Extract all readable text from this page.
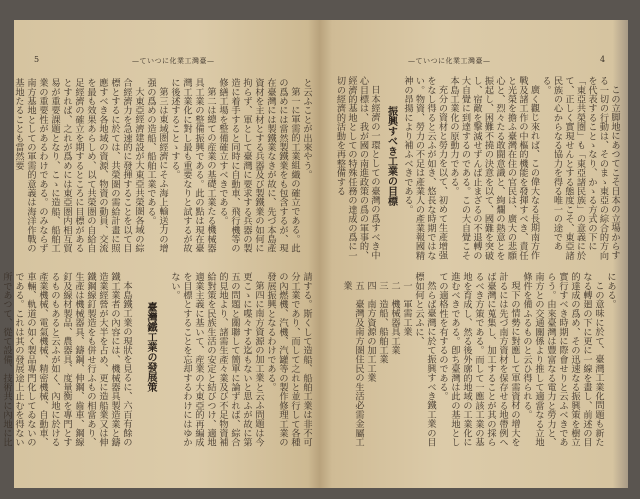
5	—ていつに化業工灣臺—

と云ふことが出來やう。

第一に軍需的工業組織の確立である。此の爲めには當然製鐵業をも包含するが、現在臺灣には製鐵業なきが故に、先づ本島產資材を主材とする兵器及び製鐵業の如何に拘らず、軍として臺灣に要求する兵器の製造に着手すると同時に自動車、飛行機等の修繕工場を整備確立すべきである。

第二は總ての産業の基礎工業たる機械器具工業の整備振興である。此の點は現在臺灣工業化に對し最も重要なりと試するが故に後述することゝする。

第三は東域圏經濟にそふ海上輸送力の增强の爲めの造船、船舶工業である。

大東亞經濟建設が大東亞共榮圏各域の綜合經濟力を急速的に發揮することを以て目標とするに於ては、共榮圏の需給計畫に照應すべき各地域の資源、物資の動員、交流を最も效果あらしめ、以て共榮圏の自給自足經濟の確立を期するところに目標があるとすれば、之れが爲めには東亞圏内相互貿易が重要課題となり、こゝに造船、船舶工業の重要性があるわけである。のみならず南方基地としての軍需的意義は海洋作戰の基地たることも當然要

請する。斯くして造船、船舶工業は非不可分工業であり、而して之れと並行して各種の內燃機、汽機、汽罐等の製作修理工業の發展振興となるわけである。

第四に南方資源の加工業と云ふ問題は今更こゝに喋々する迄もないと思ふが故に第五の問題と關聯して簡單に論ずれば、綜合的見地より、諸需生產々業及び不足物資補給對策を民族生活の安定と結びつけ、適地適業主義に基いて、産業の大東亞的再編成を目標とすることを忘却するわけにはゆかない。

臺灣鐵工業の發展策

本島鐵工業の現狀を見るに、六百有餘の鐵工業者の內容には、機械器具製造業と鑄造業經營が大半を占め、更に造船業又は伸鐵鋼線釘製造をも併せ行ふもの相當あり、生產は機械器具、鑄鋼、伸鋼、齒車、鋼線釘及線材製品、農器具、度量衡を專門とするものもあると云ふが如く、內地に於ける產業機械、電氣機械、精密機械、自動車、車輛、軌道の如く製品專門化してゐないのである。これは其の發展途上止むを得ない所であつて、從て設備、技術共に內地に比

—ていつに化業工灣臺—	4

この立脚地にあつてこそ日本の立場からする一切の行動は、そのまゝ東亞の綜合的方向を代表することゝなり、かゝる方式の下に「東亞共榮圏」も「東亞諸民族」の意義に於て、正しく實現せんとする態度こそ、東亞諸民族の心からなる協力を得る唯一の途である。

廣く觀じ來れば、この偉大なる長期南方作戰及諸工作の中樞的機能を發揮すべき、責任と光榮を擔ふ臺灣在住の官民は、廣大の悲願心と、烈々たる敢闘意識と、絢爛の熱意とを振起し、困難不撓の決意を以て、國難を突破し、宿敵を撃滅せずんば止まざるの不退轉の大自覺に到達するのである。この大自覺こそ本島工業化の原動力である。

充分の資材と勞力を以て、初めて生產增强をなし得ると云ふが如き、悠長な時期ではない。物資、勞力の不足は產業人の產業報國精神の昂揚により補ふべきである。

振興すべき工業の目標

日本經濟の一環としての臺灣の爲すべき中心目標は、我が國の南進政策の爲の軍事的、經濟的基地としての特殊任務の達成の爲に一切の經濟的活動を再整備する

にある。

この意味に於て、臺灣工業化問題も新たなる轉廻の下に更に一線を畫し、前述の目的達成の爲め、その迅速なる振興策を樹立實行すべき時期に際會せりと云ふべきであらう。由來臺灣は豐富なる電力と勞力と、南方との交通關係より推して適當なる立地條件を備ふるものと云ひ得られる。

現下の情勢に對應して軍需資材の增大を計るには先づ南方資材を保存せる地帶例へば臺灣に蒐集し、加工することが其の採らるべき方策である。而して一應該工業の基地を育成し、然る後外廓的地域の工業化に進むべきである。卽ち臺灣は此の基地としての適格性を有するのである。

然らば臺灣に於て振興すべき鐵工業の目標如何と云ふに、

一　軍需工業

二　機械器具工業

三　造船、船舶工業

四　南方資源の加工工業

五　臺灣及南方圏住民の生活必需金屬工業
